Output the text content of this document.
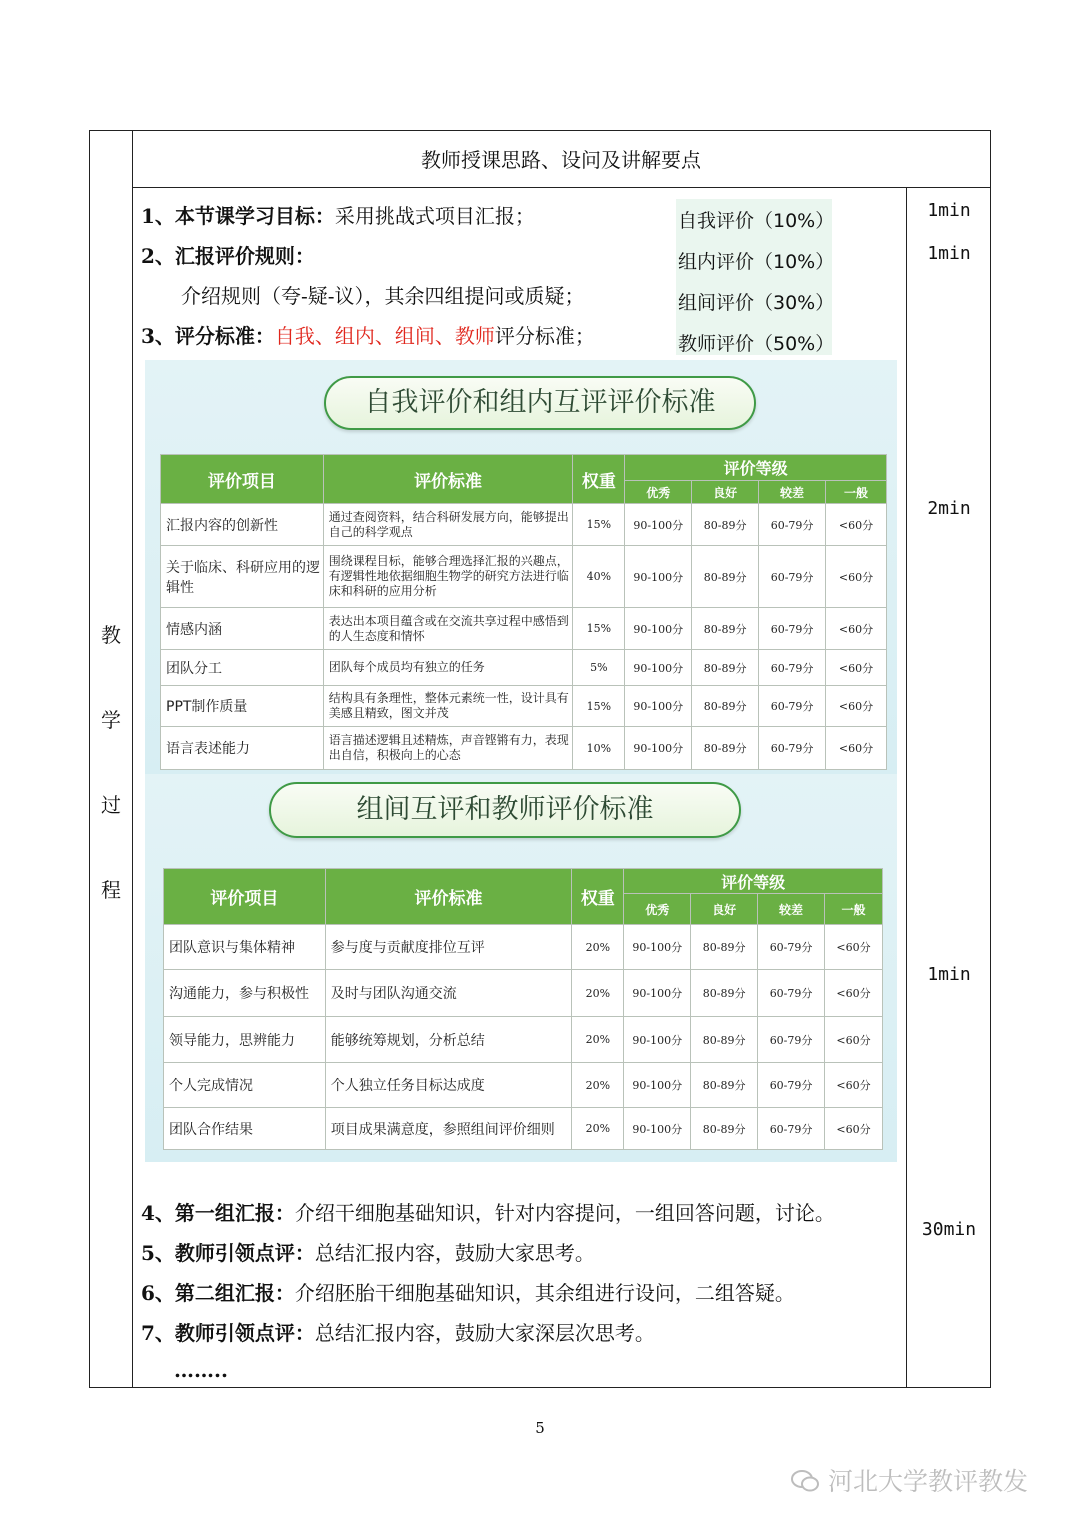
教师授课思路、设问及讲解要点
教
学
过
程
1min
1min
2min
1min
30min
1、本节课学习目标：采用挑战式项目汇报；
2、汇报评价规则：
介绍规则（夸-疑-议），其余四组提问或质疑；
3、评分标准：自我、组内、组间、教师评分标准；
自我评价（10%）
组内评价（10%）
组间评价（30%）
教师评价（50%）
自我评价和组内互评评价标准
组间互评和教师评价标准
评价项目	评价标准	权重	评价等级			
			优秀	良好	较差	一般
汇报内容的创新性	通过查阅资料，结合科研发展方向，能够提出自己的科学观点	15%	90-100分	80-89分	60-79分	<60分
关于临床、科研应用的逻辑性	围绕课程目标，能够合理选择汇报的兴趣点，有逻辑性地依据细胞生物学的研究方法进行临床和科研的应用分析	40%	90-100分	80-89分	60-79分	<60分
情感内涵	表达出本项目蕴含或在交流共享过程中感悟到的人生态度和情怀	15%	90-100分	80-89分	60-79分	<60分
团队分工	团队每个成员均有独立的任务	5%	90-100分	80-89分	60-79分	<60分
PPT制作质量	结构具有条理性，整体元素统一性，设计具有美感且精致，图文并茂	15%	90-100分	80-89分	60-79分	<60分
语言表述能力	语言描述逻辑且述精炼，声音铿锵有力，表现出自信，积极向上的心态	10%	90-100分	80-89分	60-79分	<60分
评价项目	评价标准	权重	评价等级			
			优秀	良好	较差	一般
团队意识与集体精神	参与度与贡献度排位互评	20%	90-100分	80-89分	60-79分	<60分
沟通能力，参与积极性	及时与团队沟通交流	20%	90-100分	80-89分	60-79分	<60分
领导能力，思辨能力	能够统筹规划，分析总结	20%	90-100分	80-89分	60-79分	<60分
个人完成情况	个人独立任务目标达成度	20%	90-100分	80-89分	60-79分	<60分
团队合作结果	项目成果满意度，参照组间评价细则	20%	90-100分	80-89分	60-79分	<60分
4、第一组汇报：介绍干细胞基础知识，针对内容提问，一组回答问题，讨论。
5、教师引领点评：总结汇报内容，鼓励大家思考。
6、第二组汇报：介绍胚胎干细胞基础知识，其余组进行设问，二组答疑。
7、教师引领点评：总结汇报内容，鼓励大家深层次思考。
……..
5
河北大学教评教发
